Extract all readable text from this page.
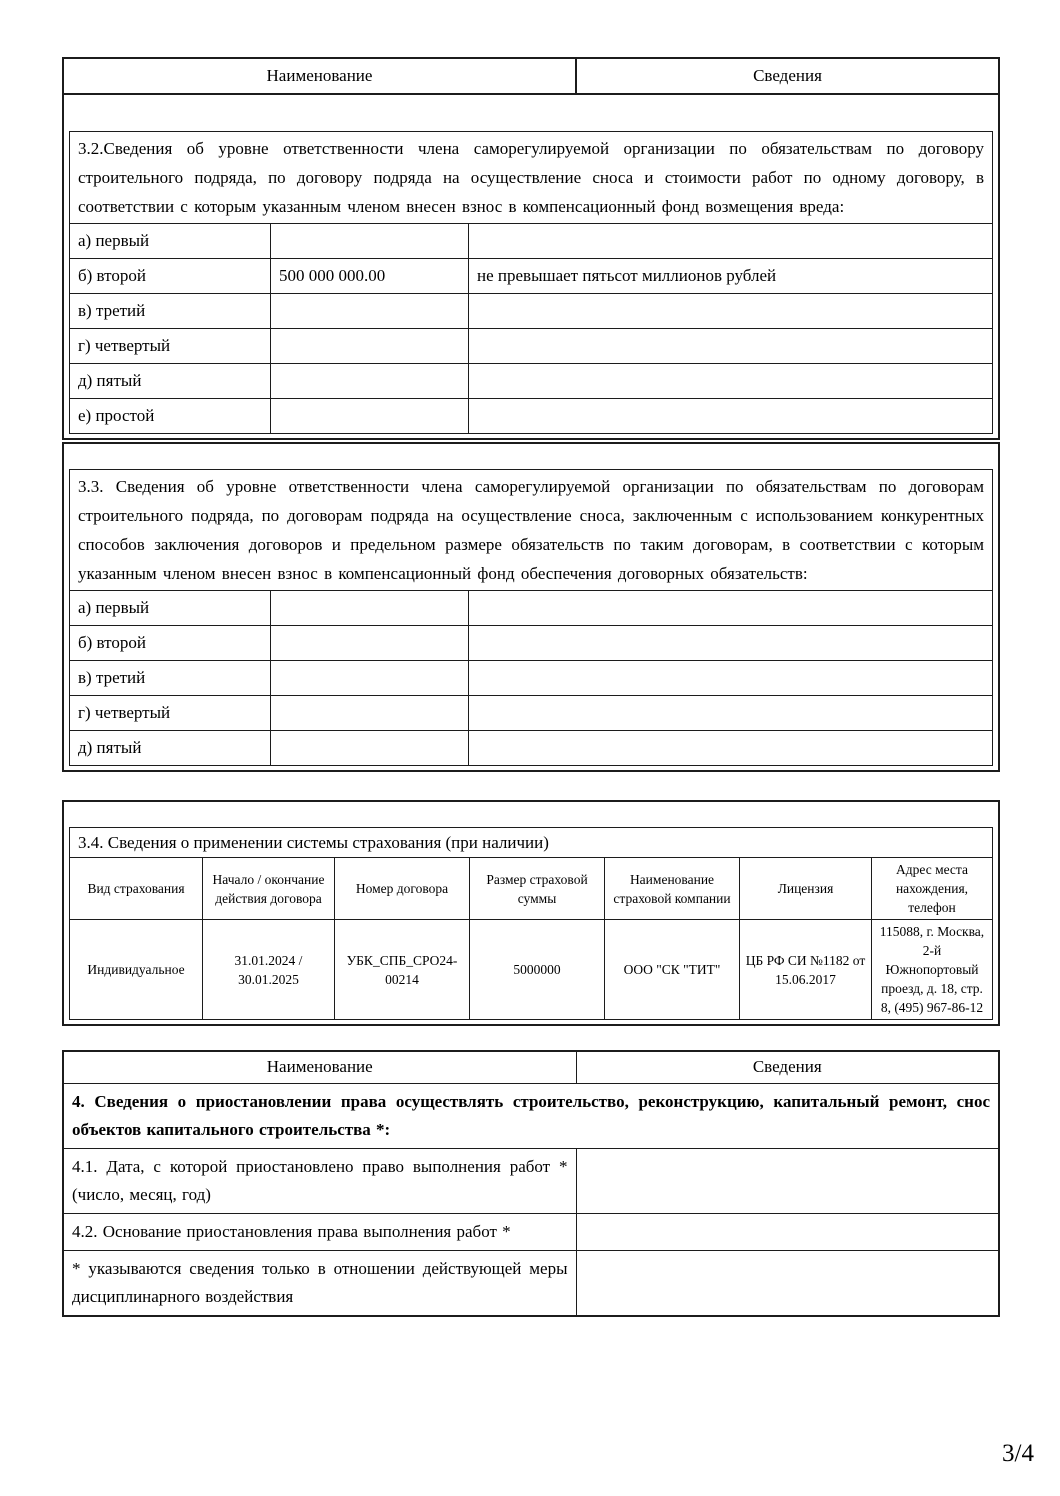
Наименование	Сведения
3.2.Сведения об уровне ответственности члена саморегулируемой организации по обязательствам по договору строительного подряда, по договору подряда на осуществление сноса и стоимости работ по одному договору, в соответствии с которым указанным членом внесен взнос в компенсационный фонд возмещения вреда:		
а) первый		
б) второй	500 000 000.00	не превышает пятьсот миллионов рублей
в) третий		
г) четвертый		
д) пятый		
е) простой		
3.3. Сведения об уровне ответственности члена саморегулируемой организации по обязательствам по договорам строительного подряда, по договорам подряда на осуществление сноса, заключенным с использованием конкурентных способов заключения договоров и предельном размере обязательств по таким договорам, в соответствии с которым указанным членом внесен взнос в компенсационный фонд обеспечения договорных обязательств:		
а) первый		
б) второй		
в) третий		
г) четвертый		
д) пятый		
3.4. Сведения о применении системы страхования (при наличии)						
Вид страхования	Начало / окончание действия договора	Номер договора	Размер страховой суммы	Наименование страховой компании	Лицензия	Адрес места нахождения, телефон
Индивидуальное	31.01.2024 / 30.01.2025	УБК_СПБ_СРО24-00214	5000000	ООО "СК "ТИТ"	ЦБ РФ СИ №1182 от 15.06.2017	115088, г. Москва, 2-й Южнопортовый проезд, д. 18, стр. 8, (495) 967-86-12
Наименование	Сведения
4. Сведения о приостановлении права осуществлять строительство, реконструкцию, капитальный ремонт, снос объектов капитального строительства *:	
4.1. Дата, с которой приостановлено право выполнения работ * (число, месяц, год)	
4.2. Основание приостановления права выполнения работ *	
* указываются сведения только в отношении действующей меры дисциплинарного воздействия	
3/4
